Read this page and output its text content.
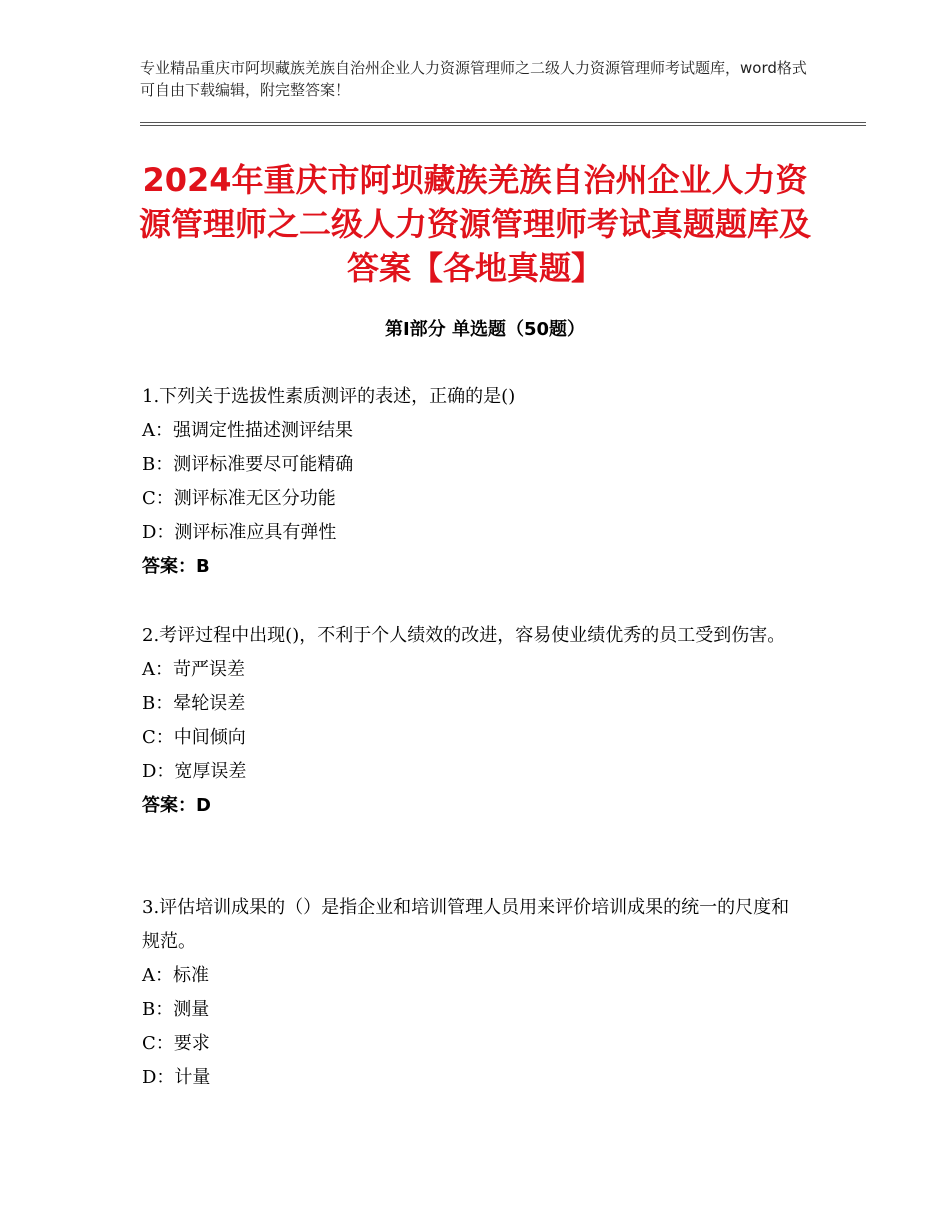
专业精品重庆市阿坝藏族羌族自治州企业人力资源管理师之二级人力资源管理师考试题库，word格式可自由下载编辑，附完整答案！
2024年重庆市阿坝藏族羌族自治州企业人力资源管理师之二级人力资源管理师考试真题题库及答案【各地真题】
第Ⅰ部分 单选题（50题）
1.下列关于选拔性素质测评的表述，正确的是()
A：强调定性描述测评结果
B：测评标准要尽可能精确
C：测评标准无区分功能
D：测评标准应具有弹性
答案：B
2.考评过程中出现()，不利于个人绩效的改进，容易使业绩优秀的员工受到伤害。
A：苛严误差
B：晕轮误差
C：中间倾向
D：宽厚误差
答案：D
3.评估培训成果的（）是指企业和培训管理人员用来评价培训成果的统一的尺度和规范。
A：标准
B：测量
C：要求
D：计量
